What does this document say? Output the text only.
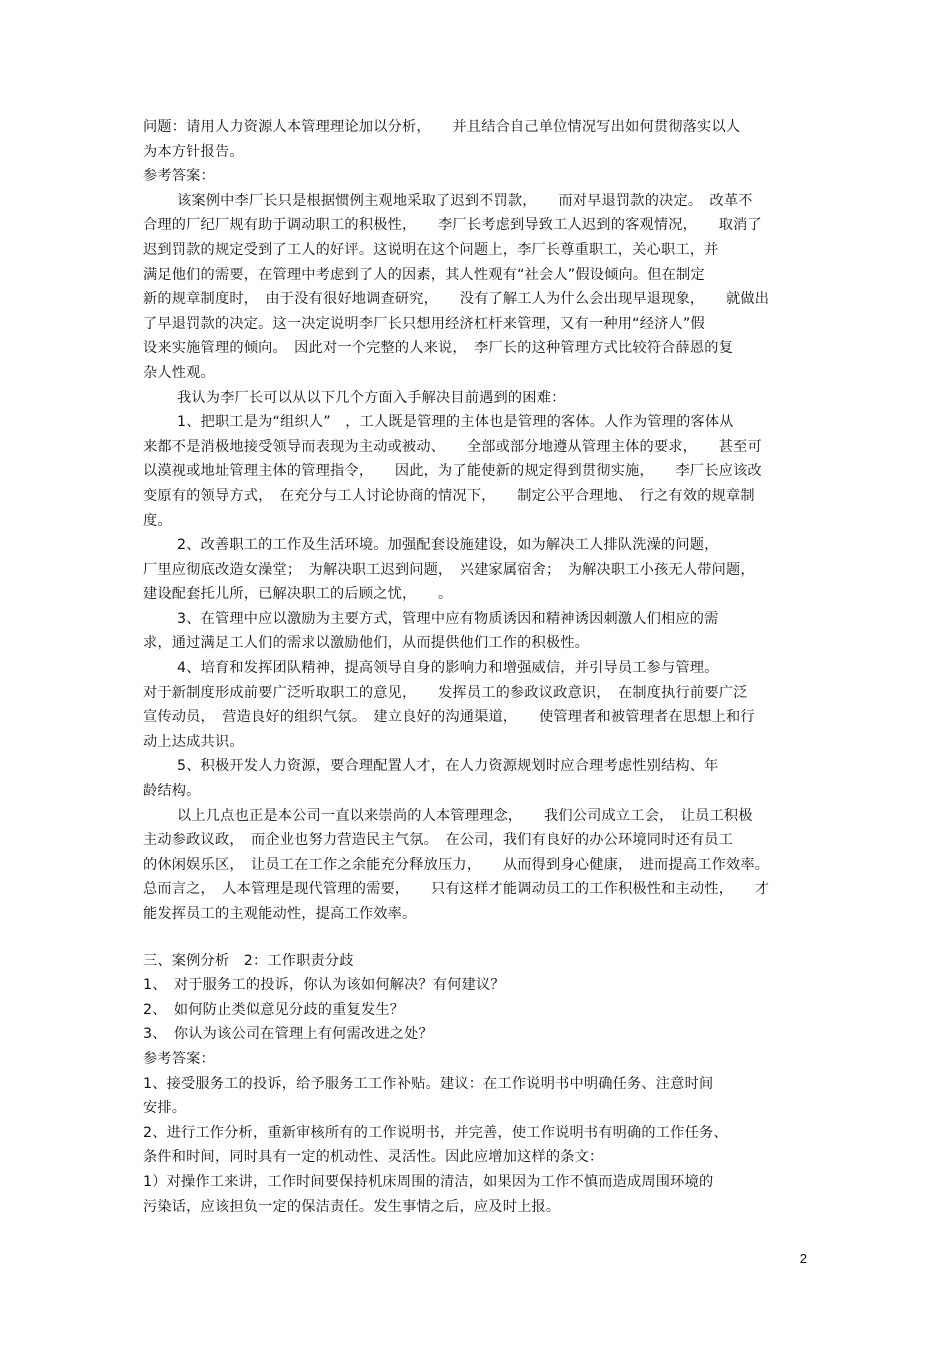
问题：请用人力资源人本管理理论加以分析，　　并且结合自己单位情况写出如何贯彻落实以人

为本方针报告。

参考答案：

该案例中李厂长只是根据惯例主观地采取了迟到不罚款，　　而对早退罚款的决定。　改革不

合理的厂纪厂规有助于调动职工的积极性，　　李厂长考虑到导致工人迟到的客观情况，　　取消了

迟到罚款的规定受到了工人的好评。这说明在这个问题上，李厂长尊重职工，关心职工，并

满足他们的需要，在管理中考虑到了人的因素，其人性观有“社会人”假设倾向。但在制定

新的规章制度时，　由于没有很好地调查研究，　　没有了解工人为什么会出现早退现象，　　就做出

了早退罚款的决定。这一决定说明李厂长只想用经济杠杆来管理，又有一种用“经济人”假

设来实施管理的倾向。　因此对一个完整的人来说，　李厂长的这种管理方式比较符合薛恩的复

杂人性观。

我认为李厂长可以从以下几个方面入手解决目前遇到的困难：

1、把职工是为“组织人”　，工人既是管理的主体也是管理的客体。人作为管理的客体从

来都不是消极地接受领导而表现为主动或被动、　　全部或部分地遵从管理主体的要求，　　甚至可

以漠视或地址管理主体的管理指令，　　因此，为了能使新的规定得到贯彻实施，　　李厂长应该改

变原有的领导方式，　在充分与工人讨论协商的情况下，　　制定公平合理地、　行之有效的规章制

度。

2、改善职工的工作及生活环境。加强配套设施建设，如为解决工人排队洗澡的问题，

厂里应彻底改造女澡堂；　为解决职工迟到问题，　兴建家属宿舍；　为解决职工小孩无人带问题，

建设配套托儿所，已解决职工的后顾之忧，　　。

3、在管理中应以激励为主要方式，管理中应有物质诱因和精神诱因刺激人们相应的需

求，通过满足工人们的需求以激励他们，从而提供他们工作的积极性。

4、培育和发挥团队精神，提高领导自身的影响力和增强威信，并引导员工参与管理。

对于新制度形成前要广泛听取职工的意见，　　发挥员工的参政议政意识，　在制度执行前要广泛

宣传动员，　营造良好的组织气氛。　建立良好的沟通渠道，　　使管理者和被管理者在思想上和行

动上达成共识。

5、积极开发人力资源，要合理配置人才，在人力资源规划时应合理考虑性别结构、年

龄结构。

以上几点也正是本公司一直以来崇尚的人本管理理念，　　我们公司成立工会，　让员工积极

主动参政议政，　而企业也努力营造民主气氛。　在公司，我们有良好的办公环境同时还有员工

的休闲娱乐区，　让员工在工作之余能充分释放压力，　　从而得到身心健康，　进而提高工作效率。

总而言之，　人本管理是现代管理的需要，　　只有这样才能调动员工的工作积极性和主动性，　　才

能发挥员工的主观能动性，提高工作效率。

三、案例分析　2：工作职责分歧

1、　对于服务工的投诉，你认为该如何解决？有何建议？

2、　如何防止类似意见分歧的重复发生？

3、　你认为该公司在管理上有何需改进之处？

参考答案：

1、接受服务工的投诉，给予服务工工作补贴。建议：在工作说明书中明确任务、注意时间

安排。

2、进行工作分析，重新审核所有的工作说明书，并完善，使工作说明书有明确的工作任务、

条件和时间，同时具有一定的机动性、灵活性。因此应增加这样的条文：

1）对操作工来讲，工作时间要保持机床周围的清洁，如果因为工作不慎而造成周围环境的

污染话，应该担负一定的保洁责任。发生事情之后，应及时上报。

2
